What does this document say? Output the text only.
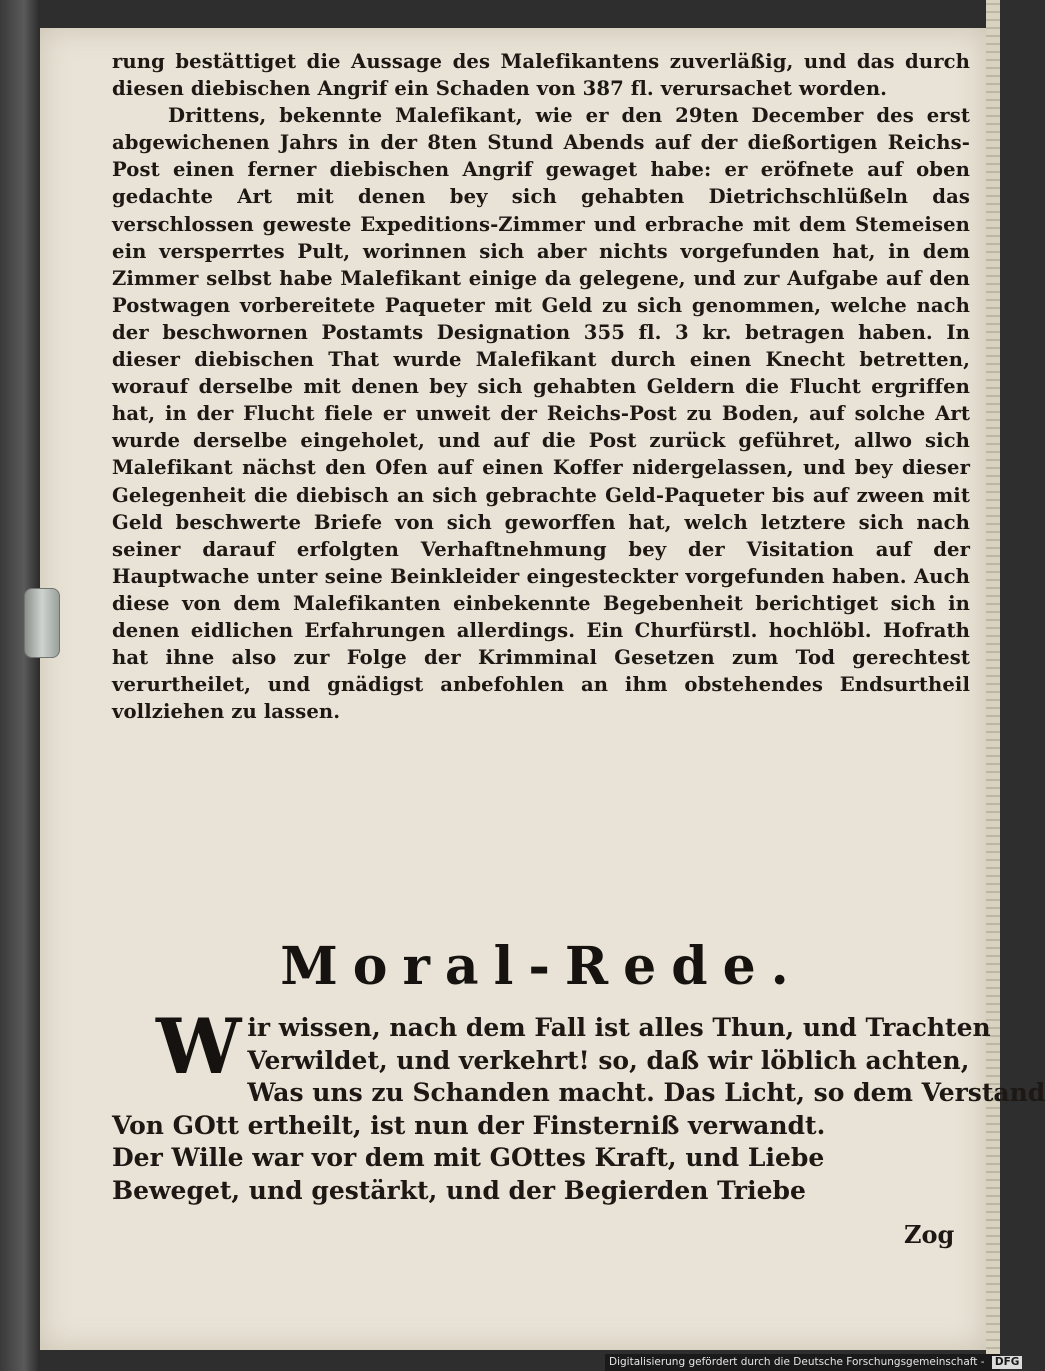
rung bestättiget die Aussage des Malefikantens zuverläßig, und das durch diesen diebischen Angrif ein Schaden von 387 fl. verursachet worden.

Drittens, bekennte Malefikant, wie er den 29ten December des erst abgewichenen Jahrs in der 8ten Stund Abends auf der dießortigen Reichs-Post einen ferner diebischen Angrif gewaget habe: er eröfnete auf oben gedachte Art mit denen bey sich gehabten Dietrichschlüßeln das verschlossen geweste Expeditions-Zimmer und erbrache mit dem Stemeisen ein versperrtes Pult, worinnen sich aber nichts vorgefunden hat, in dem Zimmer selbst habe Malefikant einige da gelegene, und zur Aufgabe auf den Postwagen vorbereitete Paqueter mit Geld zu sich genommen, welche nach der beschwornen Postamts Designation 355 fl. 3 kr. betragen haben. In dieser diebischen That wurde Malefikant durch einen Knecht betretten, worauf derselbe mit denen bey sich gehabten Geldern die Flucht ergriffen hat, in der Flucht fiele er unweit der Reichs-Post zu Boden, auf solche Art wurde derselbe eingeholet, und auf die Post zurück geführet, allwo sich Malefikant nächst den Ofen auf einen Koffer nidergelassen, und bey dieser Gelegenheit die diebisch an sich gebrachte Geld-Paqueter bis auf zween mit Geld beschwerte Briefe von sich geworffen hat, welch letztere sich nach seiner darauf erfolgten Verhaftnehmung bey der Visitation auf der Hauptwache unter seine Beinkleider eingesteckter vorgefunden haben. Auch diese von dem Malefikanten einbekennte Begebenheit berichtiget sich in denen eidlichen Erfahrungen allerdings. Ein Churfürstl. hochlöbl. Hofrath hat ihne also zur Folge der Krimminal Gesetzen zum Tod gerechtest verurtheilet, und gnädigst anbefohlen an ihm obstehendes Endsurtheil vollziehen zu lassen.

Moral-Rede.
W ir wissen, nach dem Fall ist alles Thun, und Trachten
Verwildet, und verkehrt! so, daß wir löblich achten,
Was uns zu Schanden macht. Das Licht, so dem Verstand
Von GOtt ertheilt, ist nun der Finsterniß verwandt.
Der Wille war vor dem mit GOttes Kraft, und Liebe
Beweget, und gestärkt, und der Begierden Triebe
Zog
Digitalisierung gefördert durch die Deutsche Forschungsgemeinschaft - DFG
